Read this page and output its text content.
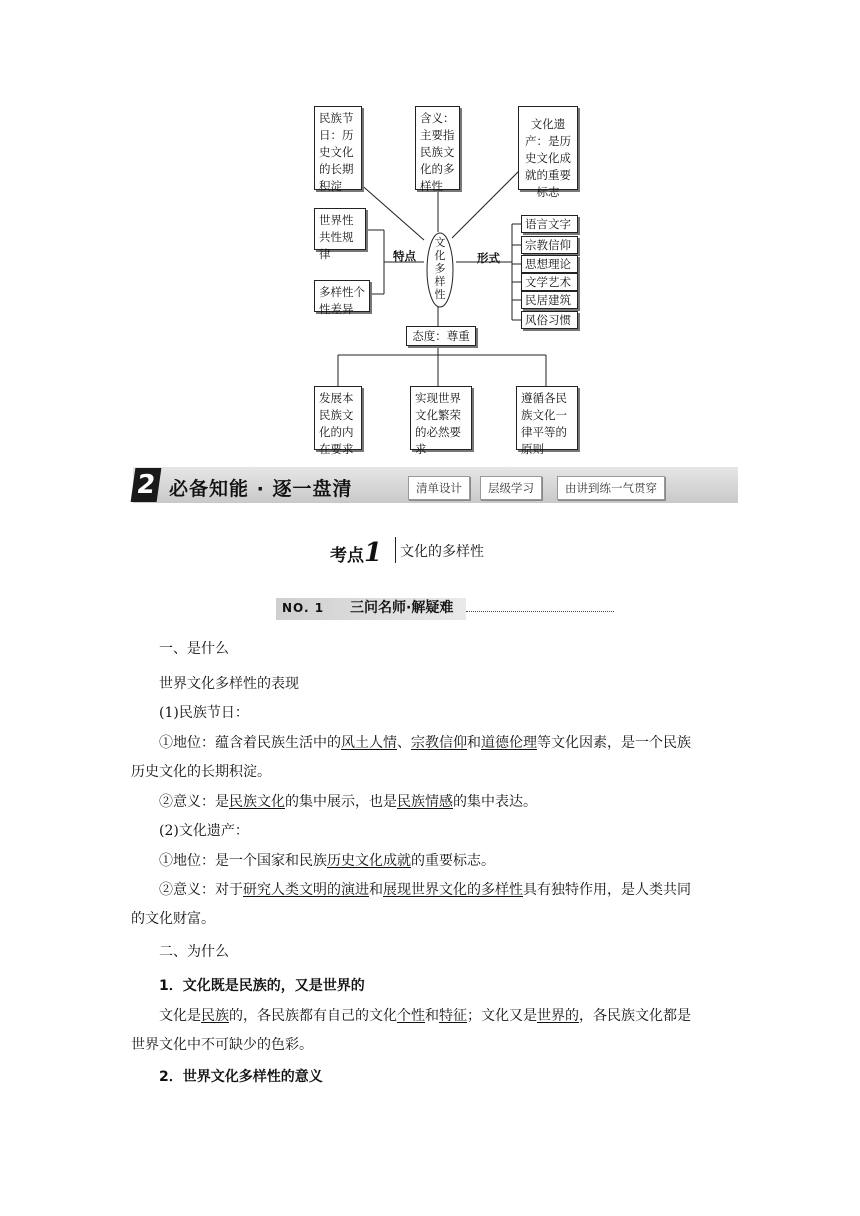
文化多样性
民族节日：历史文化的长期积淀
含义：主要指民族文化的多样性
文化遗产：是历史文化成就的重要标志
世界性共性规律
多样性个性差异
特点	形式
语言文字
宗教信仰
思想理论
文学艺术
民居建筑
风俗习惯
态度：尊重
发展本民族文化的内在要求
实现世界文化繁荣的必然要求
遵循各民族文化一律平等的原则
2 必备知能 · 逐一盘清	清单设计	层级学习	由讲到练一气贯穿
考点1 文化的多样性
NO. 1 三问名师·解疑难
一、是什么
世界文化多样性的表现
(1)民族节日：
①地位：蕴含着民族生活中的风土人情、宗教信仰和道德伦理等文化因素，是一个民族
历史文化的长期积淀。
②意义：是民族文化的集中展示，也是民族情感的集中表达。
(2)文化遗产：
①地位：是一个国家和民族历史文化成就的重要标志。
②意义：对于研究人类文明的演进和展现世界文化的多样性具有独特作用，是人类共同
的文化财富。
二、为什么
1．文化既是民族的，又是世界的
文化是民族的，各民族都有自己的文化个性和特征；文化又是世界的，各民族文化都是
世界文化中不可缺少的色彩。
2．世界文化多样性的意义
